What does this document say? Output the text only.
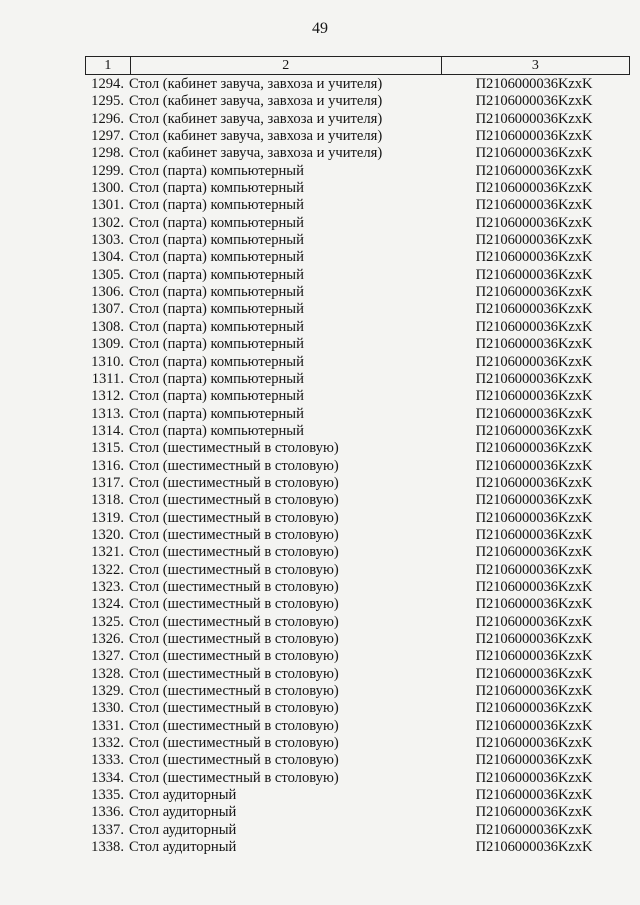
49
1	2	3
1294. Стол (кабинет завуча, завхоза и учителя)	П2106000036KzxK
1295. Стол (кабинет завуча, завхоза и учителя)	П2106000036KzxK
1296. Стол (кабинет завуча, завхоза и учителя)	П2106000036KzxK
1297. Стол (кабинет завуча, завхоза и учителя)	П2106000036KzxK
1298. Стол (кабинет завуча, завхоза и учителя)	П2106000036KzxK
1299. Стол (парта) компьютерный	П2106000036KzxK
1300. Стол (парта) компьютерный	П2106000036KzxK
1301. Стол (парта) компьютерный	П2106000036KzxK
1302. Стол (парта) компьютерный	П2106000036KzxK
1303. Стол (парта) компьютерный	П2106000036KzxK
1304. Стол (парта) компьютерный	П2106000036KzxK
1305. Стол (парта) компьютерный	П2106000036KzxK
1306. Стол (парта) компьютерный	П2106000036KzxK
1307. Стол (парта) компьютерный	П2106000036KzxK
1308. Стол (парта) компьютерный	П2106000036KzxK
1309. Стол (парта) компьютерный	П2106000036KzxK
1310. Стол (парта) компьютерный	П2106000036KzxK
1311. Стол (парта) компьютерный	П2106000036KzxK
1312. Стол (парта) компьютерный	П2106000036KzxK
1313. Стол (парта) компьютерный	П2106000036KzxK
1314. Стол (парта) компьютерный	П2106000036KzxK
1315. Стол (шестиместный в столовую)	П2106000036KzxK
1316. Стол (шестиместный в столовую)	П2106000036KzxK
1317. Стол (шестиместный в столовую)	П2106000036KzxK
1318. Стол (шестиместный в столовую)	П2106000036KzxK
1319. Стол (шестиместный в столовую)	П2106000036KzxK
1320. Стол (шестиместный в столовую)	П2106000036KzxK
1321. Стол (шестиместный в столовую)	П2106000036KzxK
1322. Стол (шестиместный в столовую)	П2106000036KzxK
1323. Стол (шестиместный в столовую)	П2106000036KzxK
1324. Стол (шестиместный в столовую)	П2106000036KzxK
1325. Стол (шестиместный в столовую)	П2106000036KzxK
1326. Стол (шестиместный в столовую)	П2106000036KzxK
1327. Стол (шестиместный в столовую)	П2106000036KzxK
1328. Стол (шестиместный в столовую)	П2106000036KzxK
1329. Стол (шестиместный в столовую)	П2106000036KzxK
1330. Стол (шестиместный в столовую)	П2106000036KzxK
1331. Стол (шестиместный в столовую)	П2106000036KzxK
1332. Стол (шестиместный в столовую)	П2106000036KzxK
1333. Стол (шестиместный в столовую)	П2106000036KzxK
1334. Стол (шестиместный в столовую)	П2106000036KzxK
1335. Стол аудиторный	П2106000036KzxK
1336. Стол аудиторный	П2106000036KzxK
1337. Стол аудиторный	П2106000036KzxK
1338. Стол аудиторный	П2106000036KzxK
